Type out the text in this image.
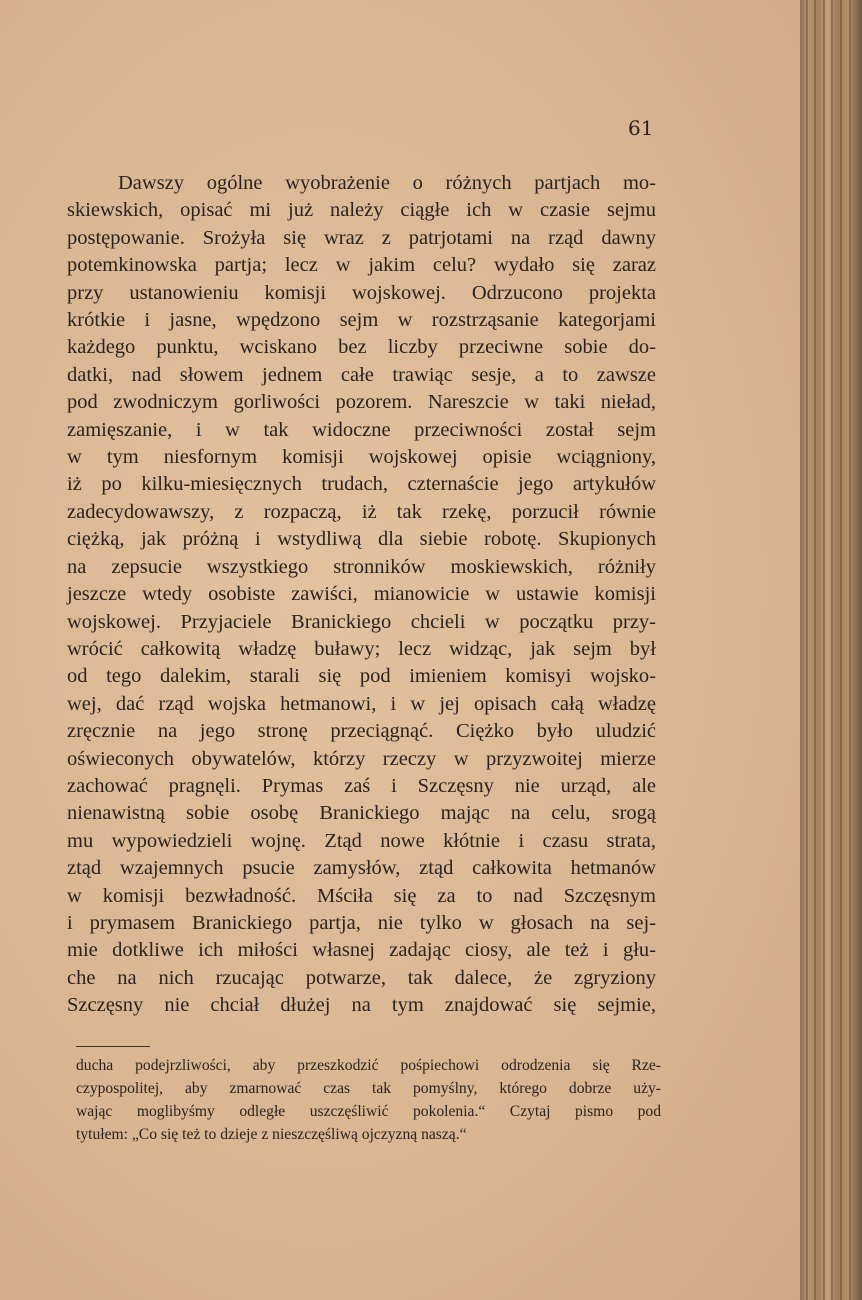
61
Dawszy ogólne wyobrażenie o różnych partjach mo-
skiewskich, opisać mi już należy ciągłe ich w czasie sejmu
postępowanie. Srożyła się wraz z patrjotami na rząd dawny
potemkinowska partja; lecz w jakim celu? wydało się zaraz
przy ustanowieniu komisji wojskowej. Odrzucono projekta
krótkie i jasne, wpędzono sejm w rozstrząsanie kategorjami
każdego punktu, wciskano bez liczby przeciwne sobie do-
datki, nad słowem jednem całe trawiąc sesje, a to zawsze
pod zwodniczym gorliwości pozorem. Nareszcie w taki nieład,
zamięszanie, i w tak widoczne przeciwności został sejm
w tym niesfornym komisji wojskowej opisie wciągniony,
iż po kilku-miesięcznych trudach, czternaście jego artykułów
zadecydowawszy, z rozpaczą, iż tak rzekę, porzucił równie
ciężką, jak próżną i wstydliwą dla siebie robotę. Skupionych
na zepsucie wszystkiego stronników moskiewskich, różniły
jeszcze wtedy osobiste zawiści, mianowicie w ustawie komisji
wojskowej. Przyjaciele Branickiego chcieli w początku przy-
wrócić całkowitą władzę buławy; lecz widząc, jak sejm był
od tego dalekim, starali się pod imieniem komisyi wojsko-
wej, dać rząd wojska hetmanowi, i w jej opisach całą władzę
zręcznie na jego stronę przeciągnąć. Ciężko było uludzić
oświeconych obywatelów, którzy rzeczy w przyzwoitej mierze
zachować pragnęli. Prymas zaś i Szczęsny nie urząd, ale
nienawistną sobie osobę Branickiego mając na celu, srogą
mu wypowiedzieli wojnę. Ztąd nowe kłótnie i czasu strata,
ztąd wzajemnych psucie zamysłów, ztąd całkowita hetmanów
w komisji bezwładność. Mściła się za to nad Szczęsnym
i prymasem Branickiego partja, nie tylko w głosach na sej-
mie dotkliwe ich miłości własnej zadając ciosy, ale też i głu-
che na nich rzucając potwarze, tak dalece, że zgryziony
Szczęsny nie chciał dłużej na tym znajdować się sejmie,
ducha podejrzliwości, aby przeszkodzić pośpiechowi odrodzenia się Rze-
czypospolitej, aby zmarnować czas tak pomyślny, którego dobrze uży-
wając moglibyśmy odległe uszczęśliwić pokolenia.“ Czytaj pismo pod
tytułem: „Co się też to dzieje z nieszczęśliwą ojczyzną naszą.“
